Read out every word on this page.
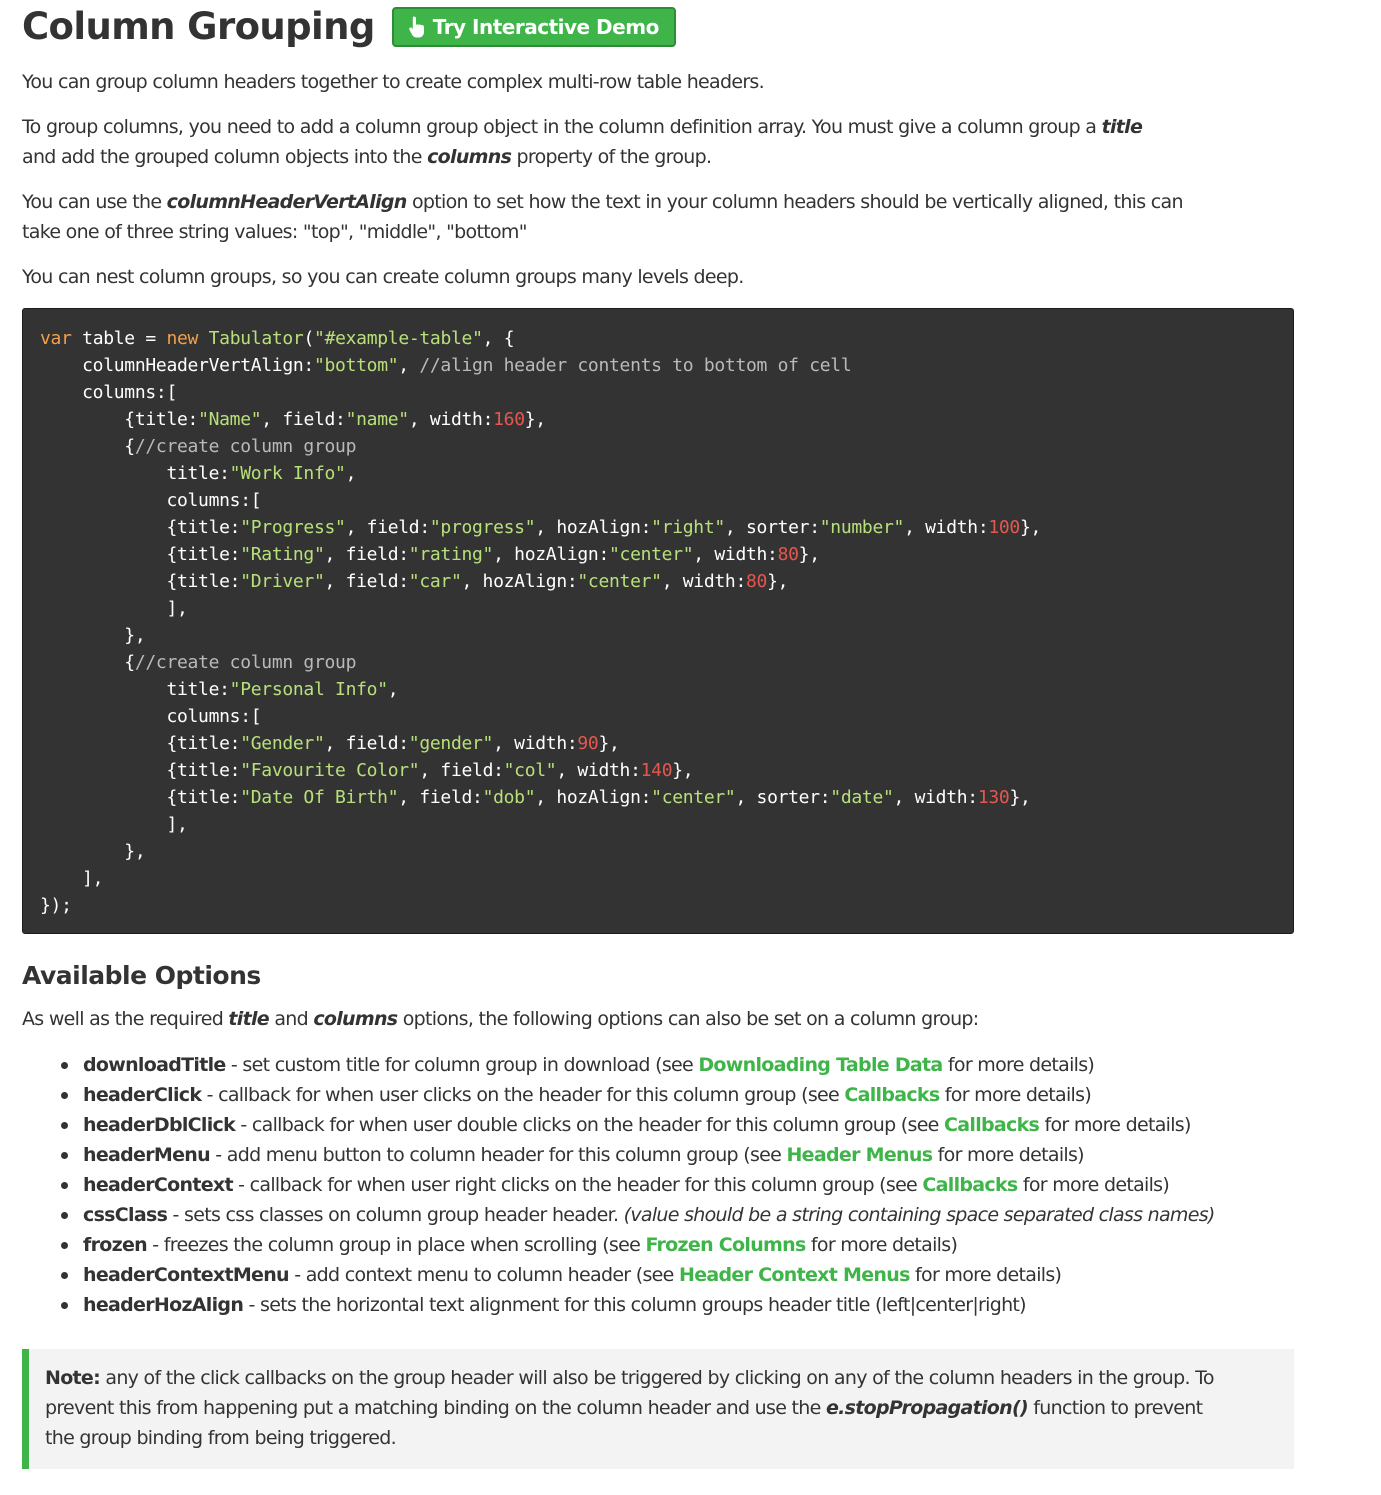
Column Grouping	Try Interactive Demo

You can group column headers together to create complex multi-row table headers.

To group columns, you need to add a column group object in the column definition array. You must give a column group a title
and add the grouped column objects into the columns property of the group.

You can use the columnHeaderVertAlign option to set how the text in your column headers should be vertically aligned, this can
take one of three string values: "top", "middle", "bottom"

You can nest column groups, so you can create column groups many levels deep.

var table = new Tabulator("#example-table", {
columnHeaderVertAlign:"bottom", //align header contents to bottom of cell
columns:[
{title:"Name", field:"name", width:160},
{//create column group
title:"Work Info",
columns:[
{title:"Progress", field:"progress", hozAlign:"right", sorter:"number", width:100},
{title:"Rating", field:"rating", hozAlign:"center", width:80},
{title:"Driver", field:"car", hozAlign:"center", width:80},
],
},
{//create column group
title:"Personal Info",
columns:[
{title:"Gender", field:"gender", width:90},
{title:"Favourite Color", field:"col", width:140},
{title:"Date Of Birth", field:"dob", hozAlign:"center", sorter:"date", width:130},
],
},
],
});
Available Options

As well as the required title and columns options, the following options can also be set on a column group:

downloadTitle - set custom title for column group in download (see Downloading Table Data for more details)
headerClick - callback for when user clicks on the header for this column group (see Callbacks for more details)
headerDblClick - callback for when user double clicks on the header for this column group (see Callbacks for more details)
headerMenu - add menu button to column header for this column group (see Header Menus for more details)
headerContext - callback for when user right clicks on the header for this column group (see Callbacks for more details)
cssClass - sets css classes on column group header header. (value should be a string containing space separated class names)
frozen - freezes the column group in place when scrolling (see Frozen Columns for more details)
headerContextMenu - add context menu to column header (see Header Context Menus for more details)
headerHozAlign - sets the horizontal text alignment for this column groups header title (left|center|right)
Note: any of the click callbacks on the group header will also be triggered by clicking on any of the column headers in the group. To prevent this from happening put a matching binding on the column header and use the e.stopPropagation() function to prevent the group binding from being triggered.
